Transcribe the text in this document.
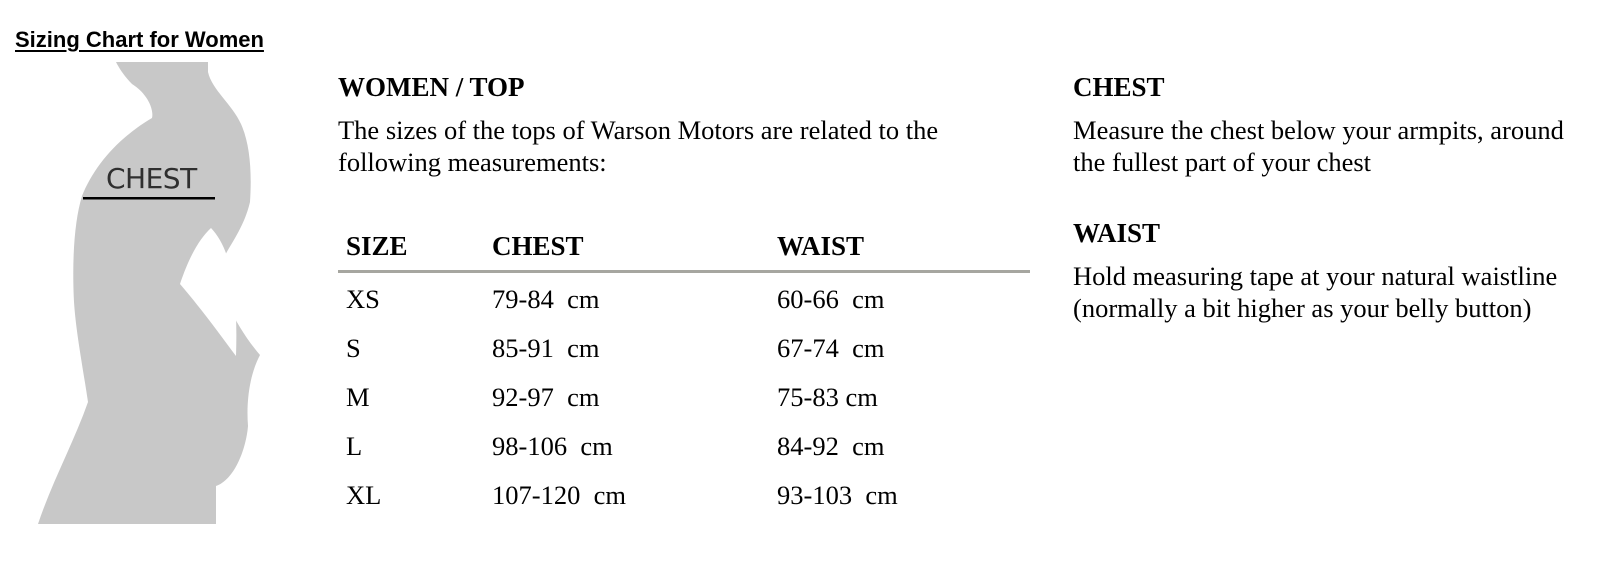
Sizing Chart for Women
CHEST
WOMEN / TOP

The sizes of the tops of Warson Motors are related to the following measurements:

SIZE	CHEST	WAIST
XS	79-84  cm	60-66  cm
S	85-91  cm	67-74  cm
M	92-97  cm	75-83 cm
L	98-106  cm	84-92  cm
XL	107-120  cm	93-103  cm
CHEST

Measure the chest below your armpits, around the fullest part of your chest

WAIST

Hold measuring tape at your natural waistline (normally a bit higher as your belly button)
